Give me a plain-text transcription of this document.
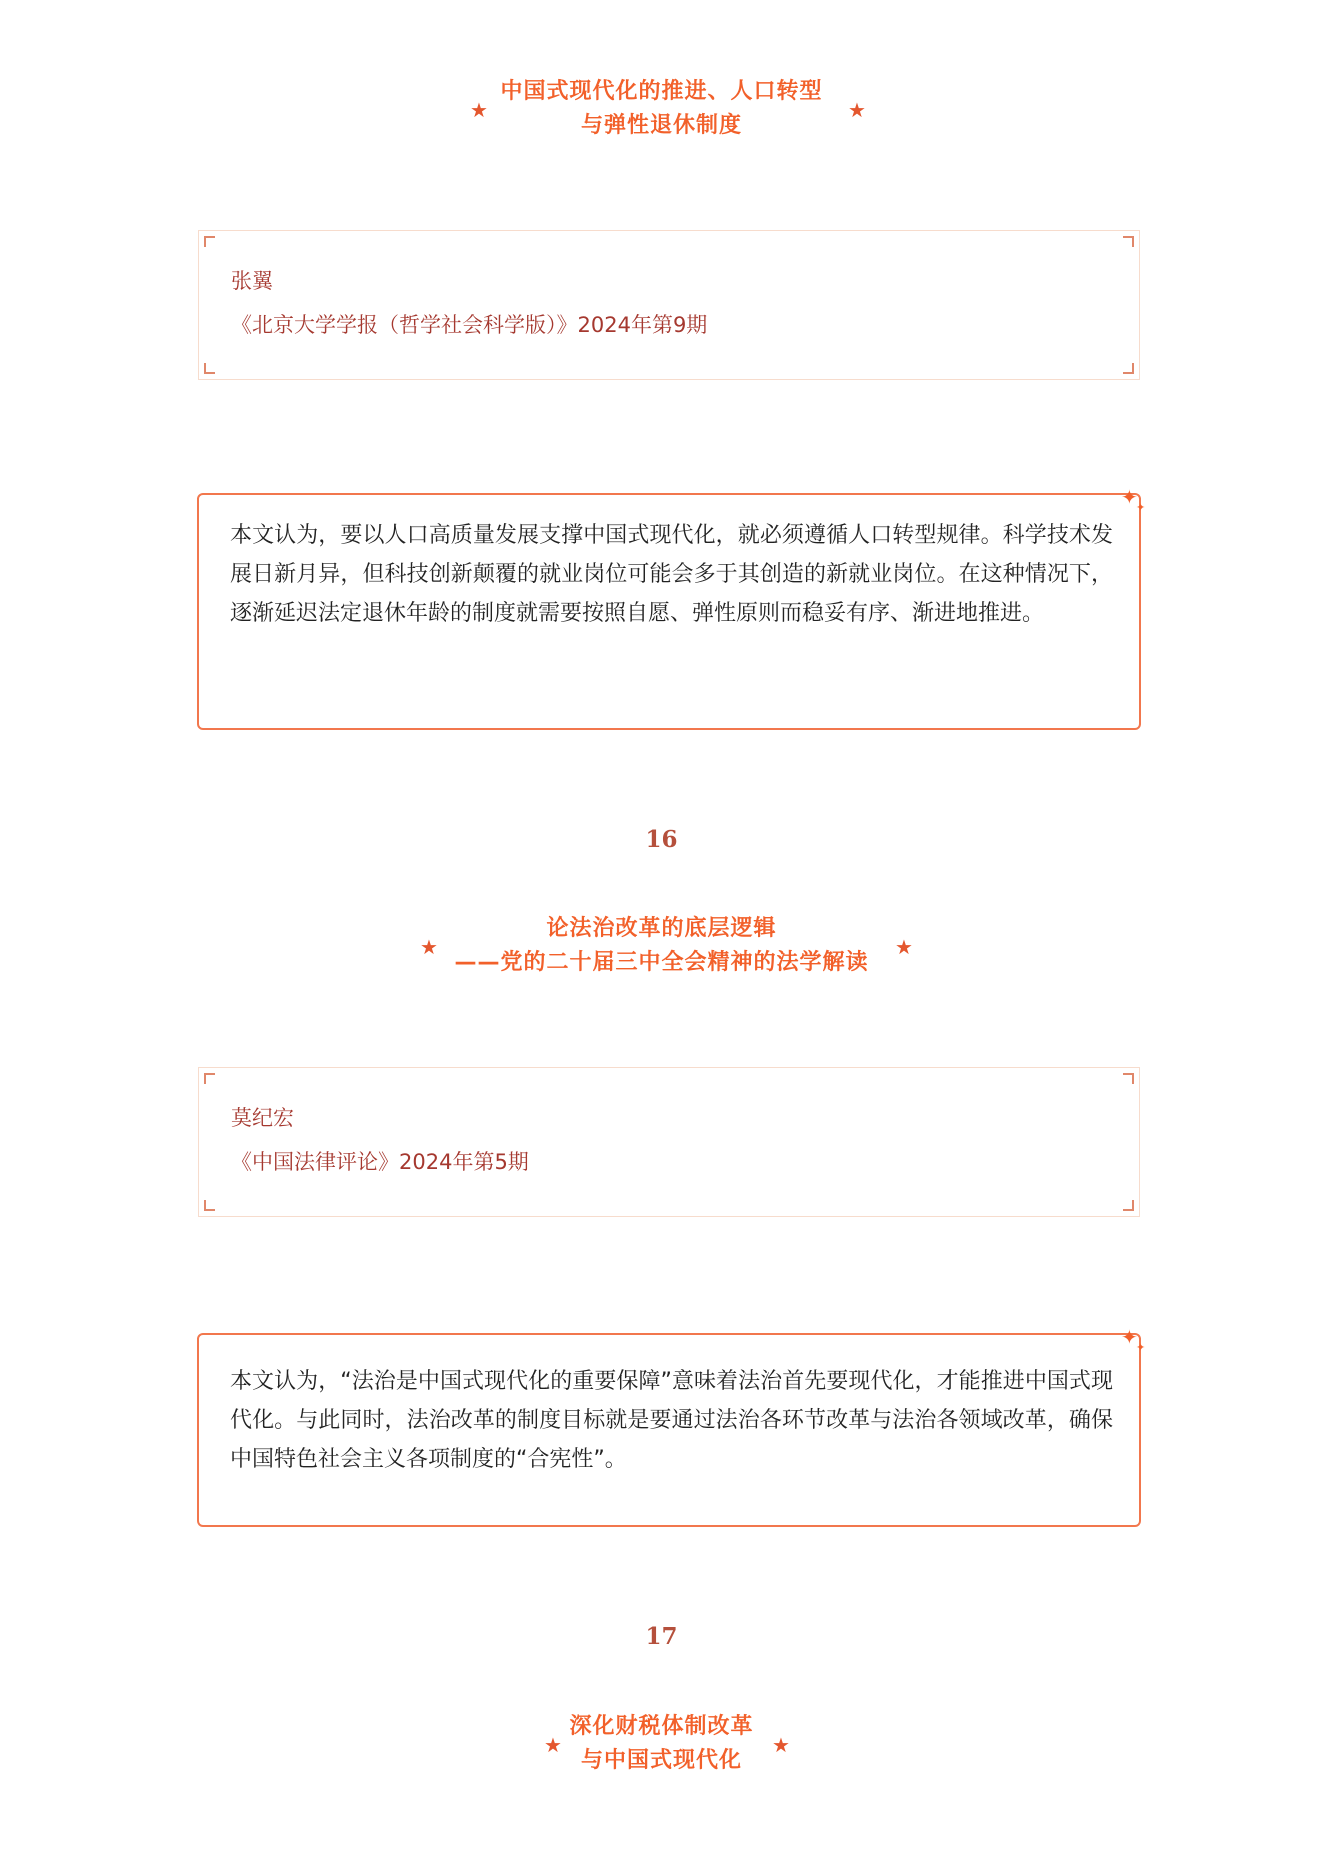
中国式现代化的推进、人口转型
与弹性退休制度
★	★
张翼
《北京大学学报（哲学社会科学版）》2024年第9期
本文认为，要以人口高质量发展支撑中国式现代化，就必须遵循人口转型规律。科学技术发展日新月异，但科技创新颠覆的就业岗位可能会多于其创造的新就业岗位。在这种情况下，逐渐延迟法定退休年龄的制度就需要按照自愿、弹性原则而稳妥有序、渐进地推进。
✦
✦
16
论法治改革的底层逻辑
——党的二十届三中全会精神的法学解读
★	★
莫纪宏
《中国法律评论》2024年第5期
本文认为，“法治是中国式现代化的重要保障”意味着法治首先要现代化，才能推进中国式现代化。与此同时，法治改革的制度目标就是要通过法治各环节改革与法治各领域改革，确保中国特色社会主义各项制度的“合宪性”。
✦
✦
17
深化财税体制改革
与中国式现代化
★	★
